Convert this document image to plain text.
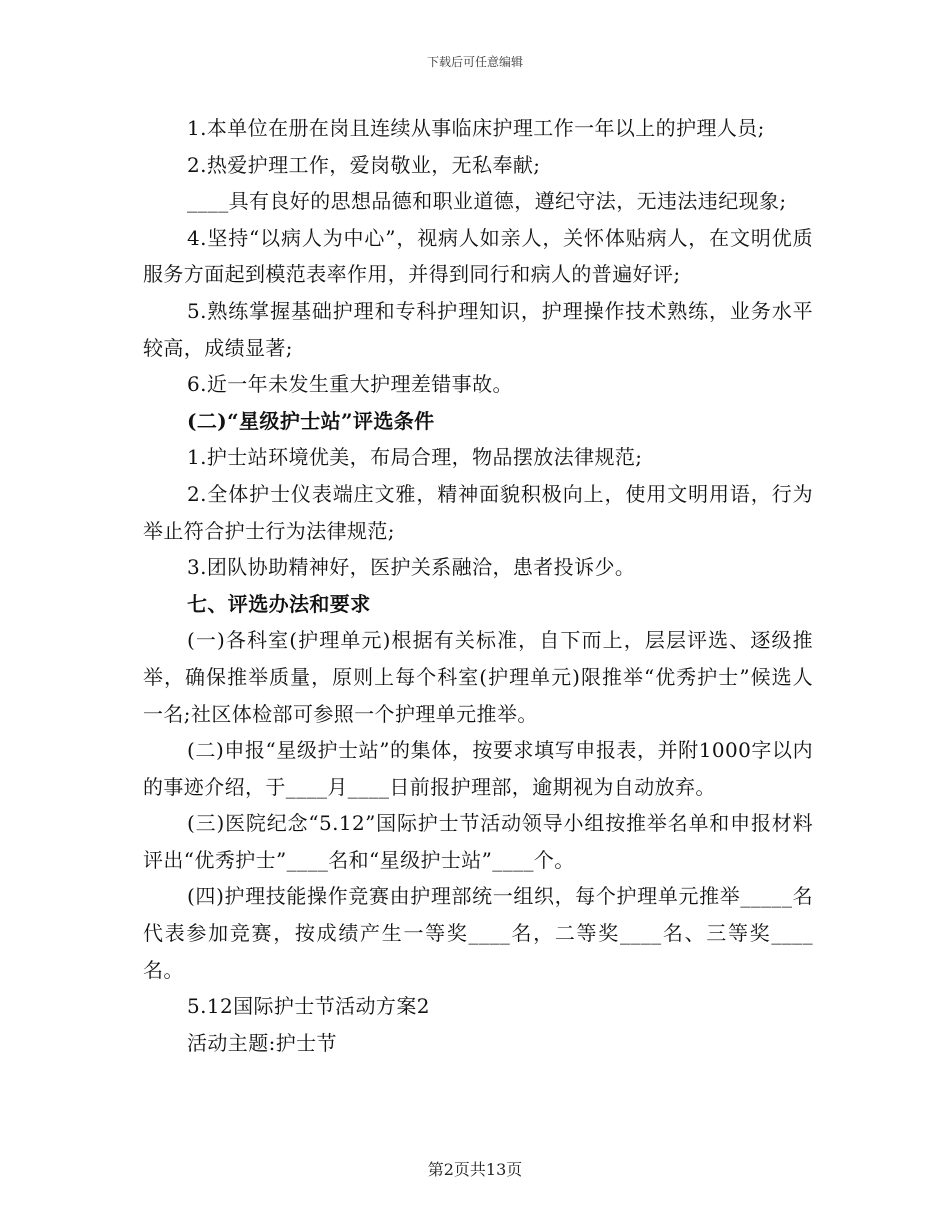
下载后可任意编辑

1.本单位在册在岗且连续从事临床护理工作一年以上的护理人员;

2.热爱护理工作，爱岗敬业，无私奉献;

____具有良好的思想品德和职业道德，遵纪守法，无违法违纪现象;

4.坚持“以病人为中心”，视病人如亲人，关怀体贴病人，在文明优质服务方面起到模范表率作用，并得到同行和病人的普遍好评;

5.熟练掌握基础护理和专科护理知识，护理操作技术熟练，业务水平较高，成绩显著;

6.近一年未发生重大护理差错事故。

(二)“星级护士站”评选条件

1.护士站环境优美，布局合理，物品摆放法律规范;

2.全体护士仪表端庄文雅，精神面貌积极向上，使用文明用语，行为举止符合护士行为法律规范;

3.团队协助精神好，医护关系融洽，患者投诉少。

七、评选办法和要求

(一)各科室(护理单元)根据有关标准，自下而上，层层评选、逐级推举，确保推举质量，原则上每个科室(护理单元)限推举“优秀护士”候选人一名;社区体检部可参照一个护理单元推举。

(二)申报“星级护士站”的集体，按要求填写申报表，并附1000字以内的事迹介绍，于____月____日前报护理部，逾期视为自动放弃。

(三)医院纪念“5.12”国际护士节活动领导小组按推举名单和申报材料评出“优秀护士”____名和“星级护士站”____个。

(四)护理技能操作竞赛由护理部统一组织，每个护理单元推举_____名代表参加竞赛，按成绩产生一等奖____名，二等奖____名、三等奖____名。

5.12国际护士节活动方案2

活动主题:护士节

第2页共13页
